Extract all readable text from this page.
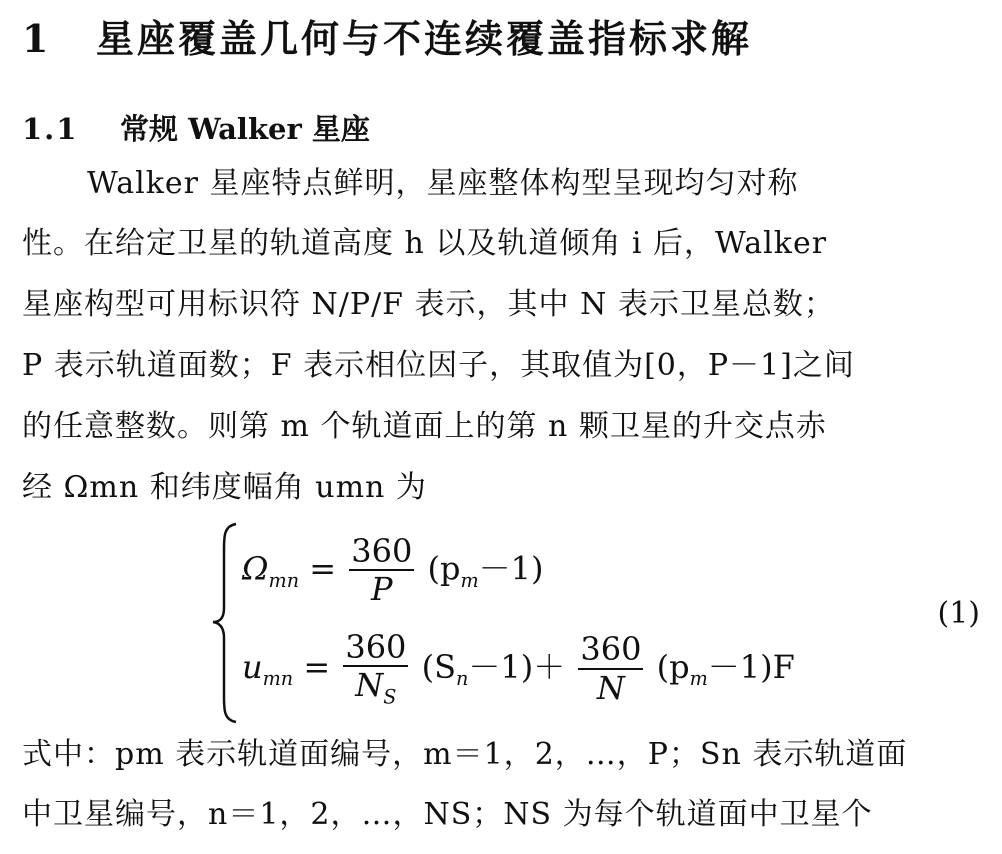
1 星座覆盖几何与不连续覆盖指标求解
1.1 常规 Walker 星座

Walker 星座特点鲜明，星座整体构型呈现均匀对称

性。在给定卫星的轨道高度 h 以及轨道倾角 i 后，Walker

星座构型可用标识符 N/P/F 表示，其中 N 表示卫星总数；

P 表示轨道面数；F 表示相位因子，其取值为[0，P－1]之间

的任意整数。则第 m 个轨道面上的第 n 颗卫星的升交点赤

经 Ωmn 和纬度幅角 umn 为

$\Omega_{mn} = \frac{360}{P} (p_m-1)$
$u_{mn} = \frac{360}{N_S} (S_n-1)+ \frac{360}{N} (p_m-1)F$
(1)

式中：pm 表示轨道面编号，m＝1，2，…，P；Sn 表示轨道面

中卫星编号，n＝1，2，…，NS；NS 为每个轨道面中卫星个
